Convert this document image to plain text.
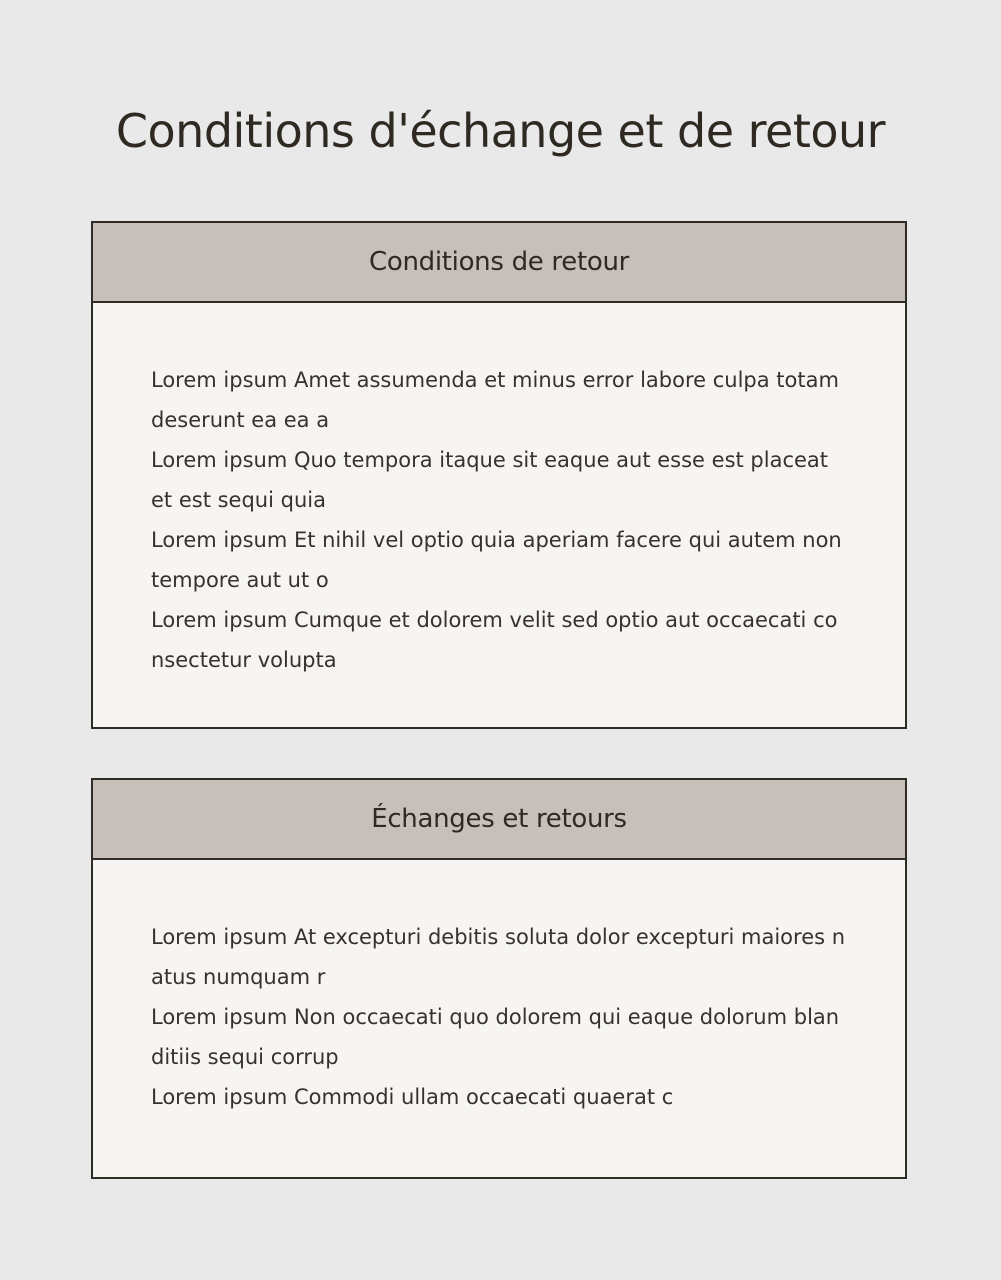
Conditions d'échange et de retour
Conditions de retour

Lorem ipsum Amet assumenda et minus error labore culpa totam deserunt ea ea a

Lorem ipsum Quo tempora itaque sit eaque aut esse est placeat et est sequi quia

Lorem ipsum Et nihil vel optio quia aperiam facere qui autem non tempore aut ut o

Lorem ipsum Cumque et dolorem velit sed optio aut occaecati consectetur volupta

Échanges et retours

Lorem ipsum At excepturi debitis soluta dolor excepturi maiores natus numquam r

Lorem ipsum Non occaecati quo dolorem qui eaque dolorum blanditiis sequi corrup

Lorem ipsum Commodi ullam occaecati quaerat c
